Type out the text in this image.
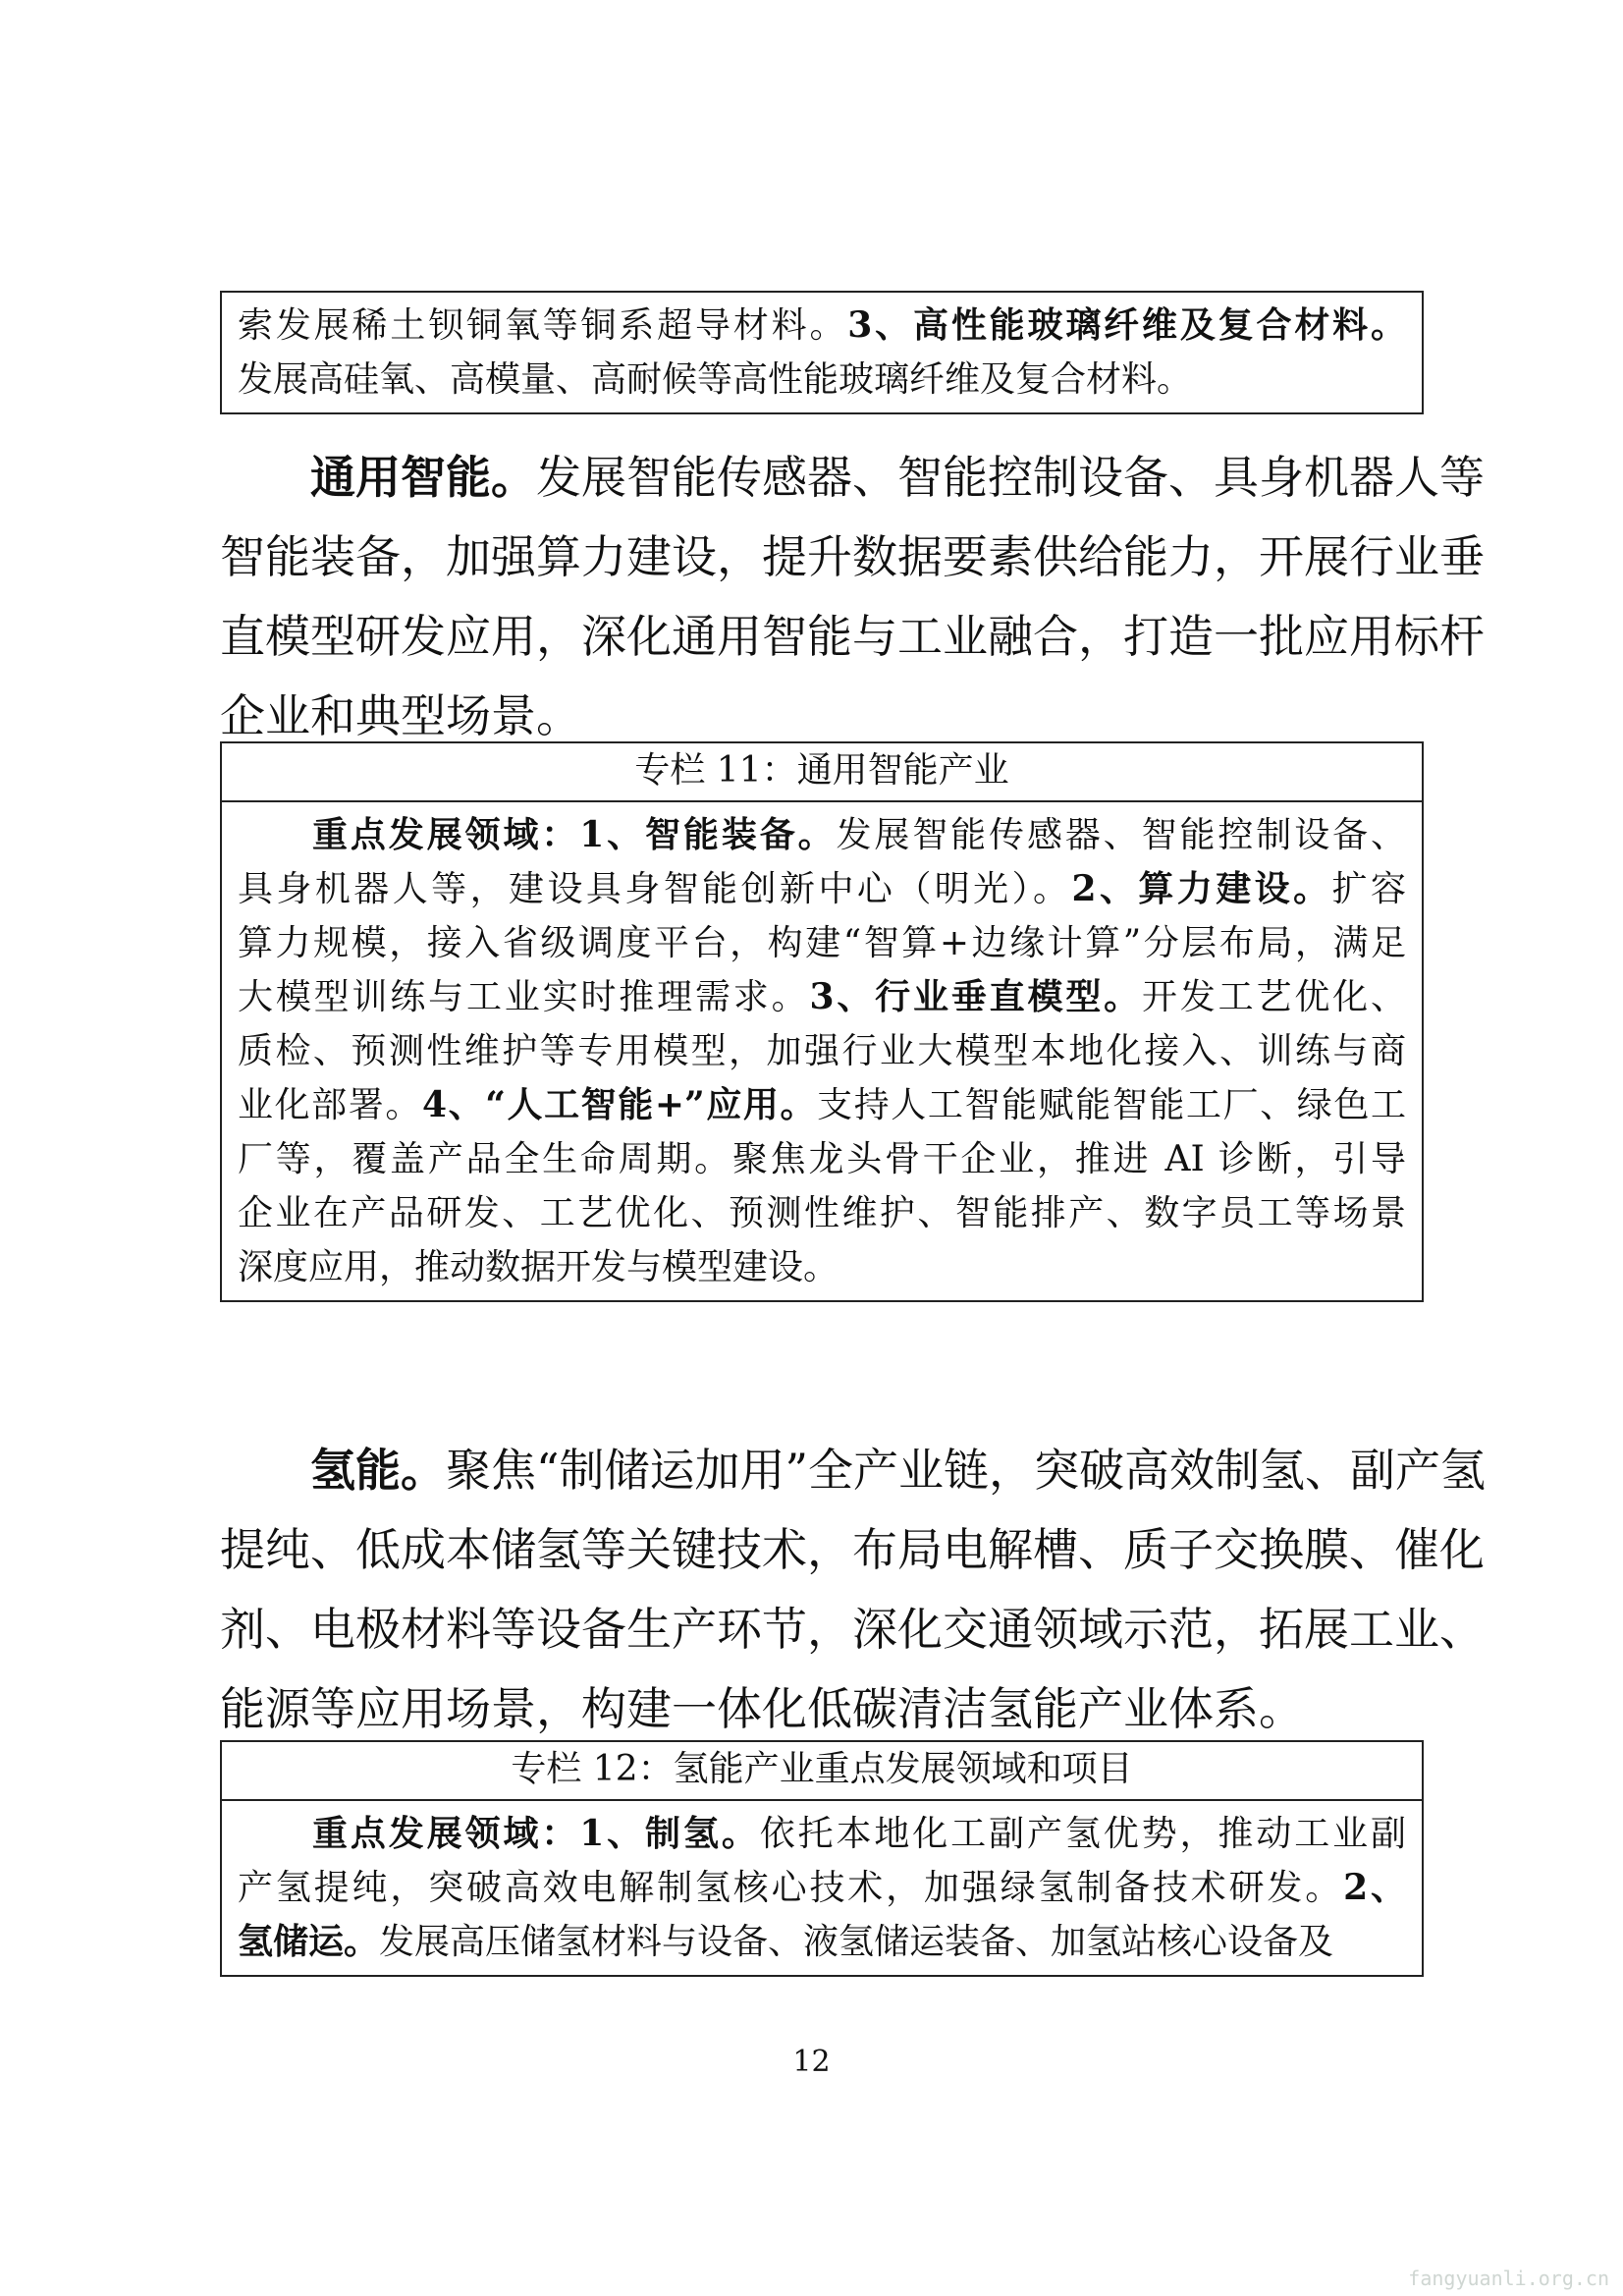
索发展稀土钡铜氧等铜系超导材料。3、高性能玻璃纤维及复合材料。

发展高硅氧、高模量、高耐候等高性能玻璃纤维及复合材料。

通用智能。发展智能传感器、智能控制设备、具身机器人等

智能装备，加强算力建设，提升数据要素供给能力，开展行业垂

直模型研发应用，深化通用智能与工业融合，打造一批应用标杆

企业和典型场景。

专栏 11：通用智能产业

重点发展领域：1、智能装备。发展智能传感器、智能控制设备、

具身机器人等，建设具身智能创新中心（明光）。2、算力建设。扩容

算力规模，接入省级调度平台，构建“智算+边缘计算”分层布局，满足

大模型训练与工业实时推理需求。3、行业垂直模型。开发工艺优化、

质检、预测性维护等专用模型，加强行业大模型本地化接入、训练与商

业化部署。4、“人工智能+”应用。支持人工智能赋能智能工厂、绿色工

厂等，覆盖产品全生命周期。聚焦龙头骨干企业，推进 AI 诊断，引导

企业在产品研发、工艺优化、预测性维护、智能排产、数字员工等场景

深度应用，推动数据开发与模型建设。

氢能。聚焦“制储运加用”全产业链，突破高效制氢、副产氢

提纯、低成本储氢等关键技术，布局电解槽、质子交换膜、催化

剂、电极材料等设备生产环节，深化交通领域示范，拓展工业、

能源等应用场景，构建一体化低碳清洁氢能产业体系。

专栏 12：氢能产业重点发展领域和项目

重点发展领域：1、制氢。依托本地化工副产氢优势，推动工业副

产氢提纯，突破高效电解制氢核心技术，加强绿氢制备技术研发。2、

氢储运。发展高压储氢材料与设备、液氢储运装备、加氢站核心设备及

12
fangyuanli.org.cn
